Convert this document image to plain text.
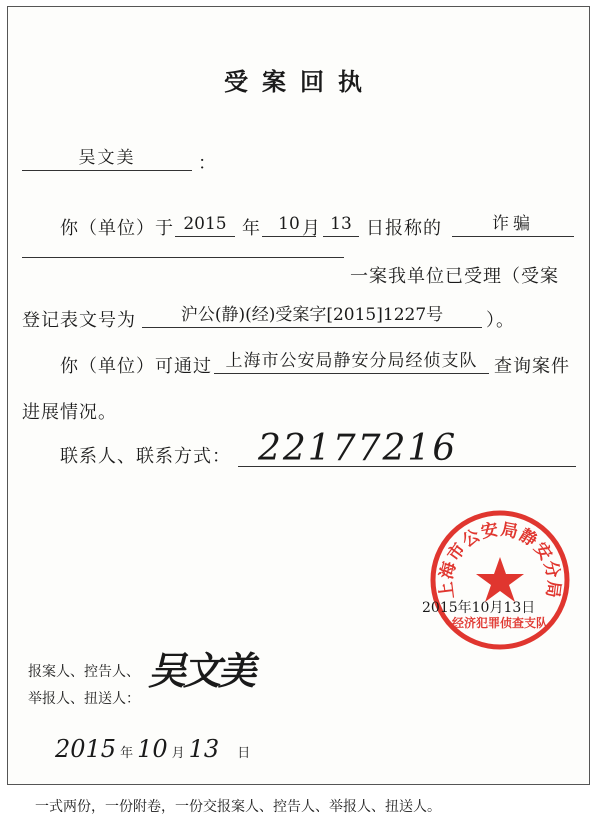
受案回执
吴文美	：
你（单位）于 2015 年	10 月 13 日报称的	诈骗
一案我单位已受理（受案
登记表文号为	沪公(静)(经)受案字[2015]1227号	）。
你（单位）可通过 上海市公安局静安分局经侦支队 查询案件
进展情况。
联系人、联系方式： 22177216
上海市公安局静安分局
经济犯罪侦查支队
2015年10月13日
报案人、控告人、
举报人、扭送人：
吴文美
2015 年 10 月 13 日
一式两份，一份附卷，一份交报案人、控告人、举报人、扭送人。
